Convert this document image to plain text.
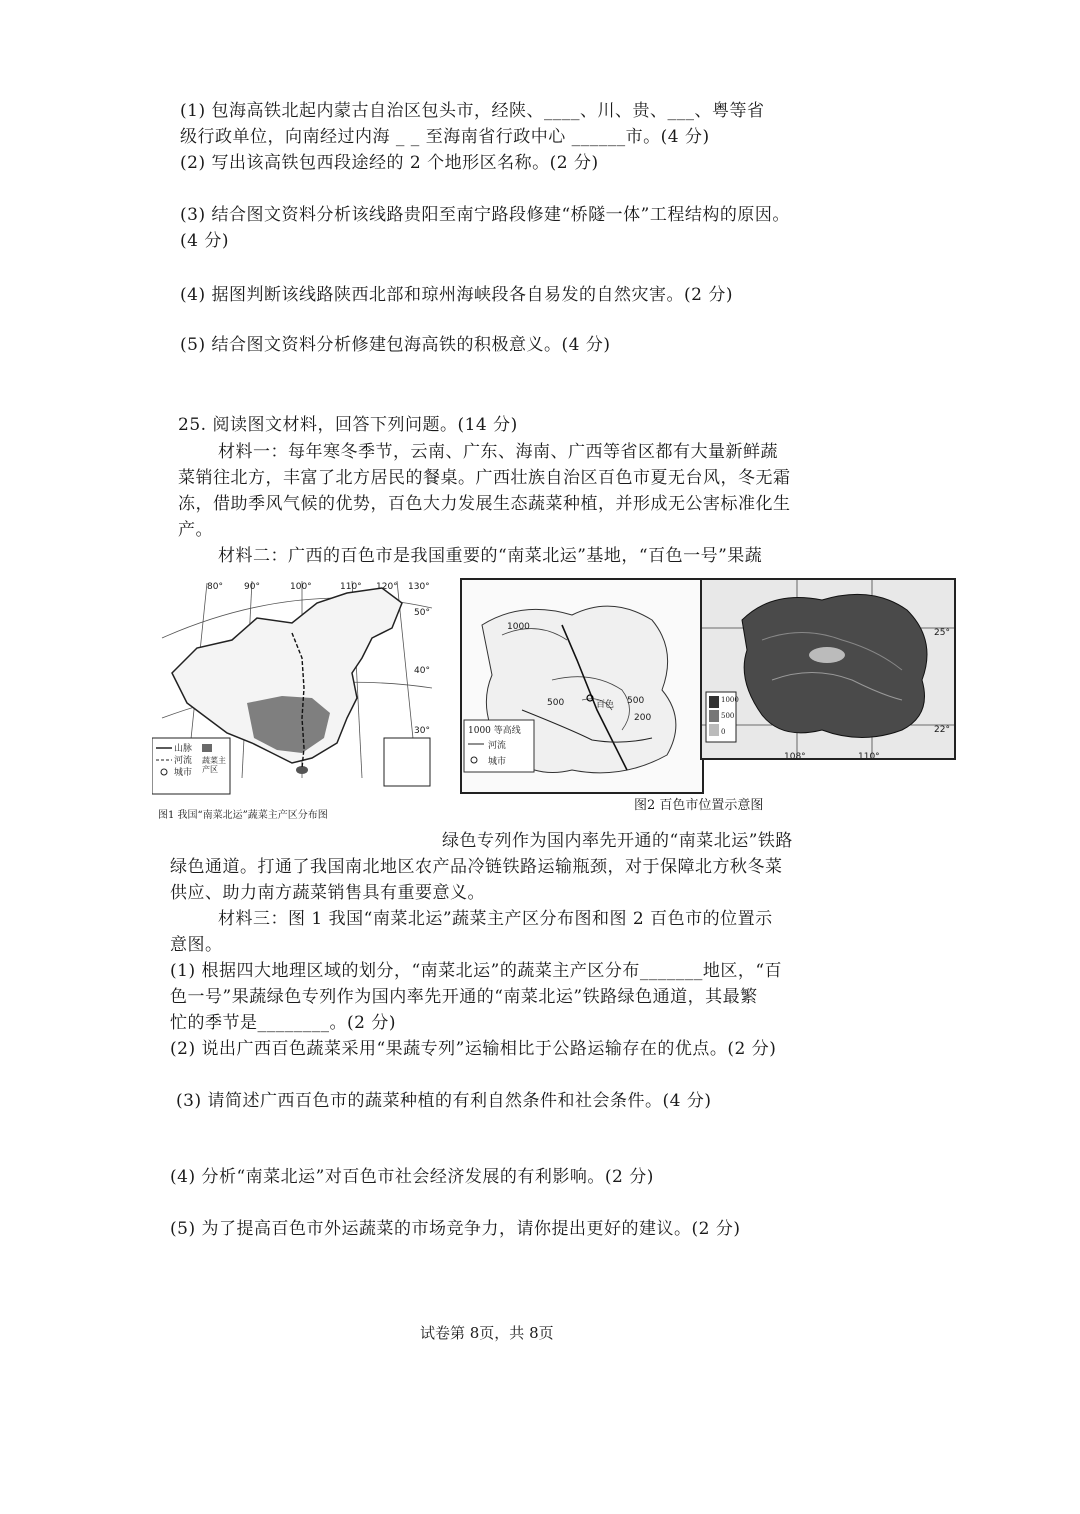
(1) 包海高铁北起内蒙古自治区包头市，经陕、____、川、贵、___、粤等省
级行政单位，向南经过内海 _ _ 至海南省行政中心 ______市。(4 分)
(2) 写出该高铁包西段途经的 2 个地形区名称。(2 分)
(3) 结合图文资料分析该线路贵阳至南宁路段修建“桥隧一体”工程结构的原因。
(4 分)
(4) 据图判断该线路陕西北部和琼州海峡段各自易发的自然灾害。(2 分)
(5) 结合图文资料分析修建包海高铁的积极意义。(4 分)
25. 阅读图文材料，回答下列问题。(14 分)
材料一：每年寒冬季节，云南、广东、海南、广西等省区都有大量新鲜蔬
菜销往北方，丰富了北方居民的餐桌。广西壮族自治区百色市夏无台风，冬无霜
冻，借助季风气候的优势，百色大力发展生态蔬菜种植，并形成无公害标准化生
产。
材料二：广西的百色市是我国重要的“南菜北运”基地，“百色一号”果蔬
80° 90°	100°	110° 120° 130°
50°
40°
30°
山脉
河流
城市
蔬菜主产区
图1 我国“南菜北运”蔬菜主产区分布图
1000
500	500
200
百色
1000 等高线
河流
城市
25°
22°
108°	110°
1000
500
0
图2 百色市位置示意图
绿色专列作为国内率先开通的“南菜北运”铁路
绿色通道。打通了我国南北地区农产品冷链铁路运输瓶颈，对于保障北方秋冬菜
供应、助力南方蔬菜销售具有重要意义。
材料三：图 1 我国“南菜北运”蔬菜主产区分布图和图 2 百色市的位置示
意图。
(1) 根据四大地理区域的划分，“南菜北运”的蔬菜主产区分布_______地区，“百
色一号”果蔬绿色专列作为国内率先开通的“南菜北运”铁路绿色通道，其最繁
忙的季节是________。(2 分)
(2) 说出广西百色蔬菜采用“果蔬专列”运输相比于公路运输存在的优点。(2 分)
(3) 请简述广西百色市的蔬菜种植的有利自然条件和社会条件。(4 分)
(4) 分析“南菜北运”对百色市社会经济发展的有利影响。(2 分)
(5) 为了提高百色市外运蔬菜的市场竞争力，请你提出更好的建议。(2 分)
试卷第 8页，共 8页
